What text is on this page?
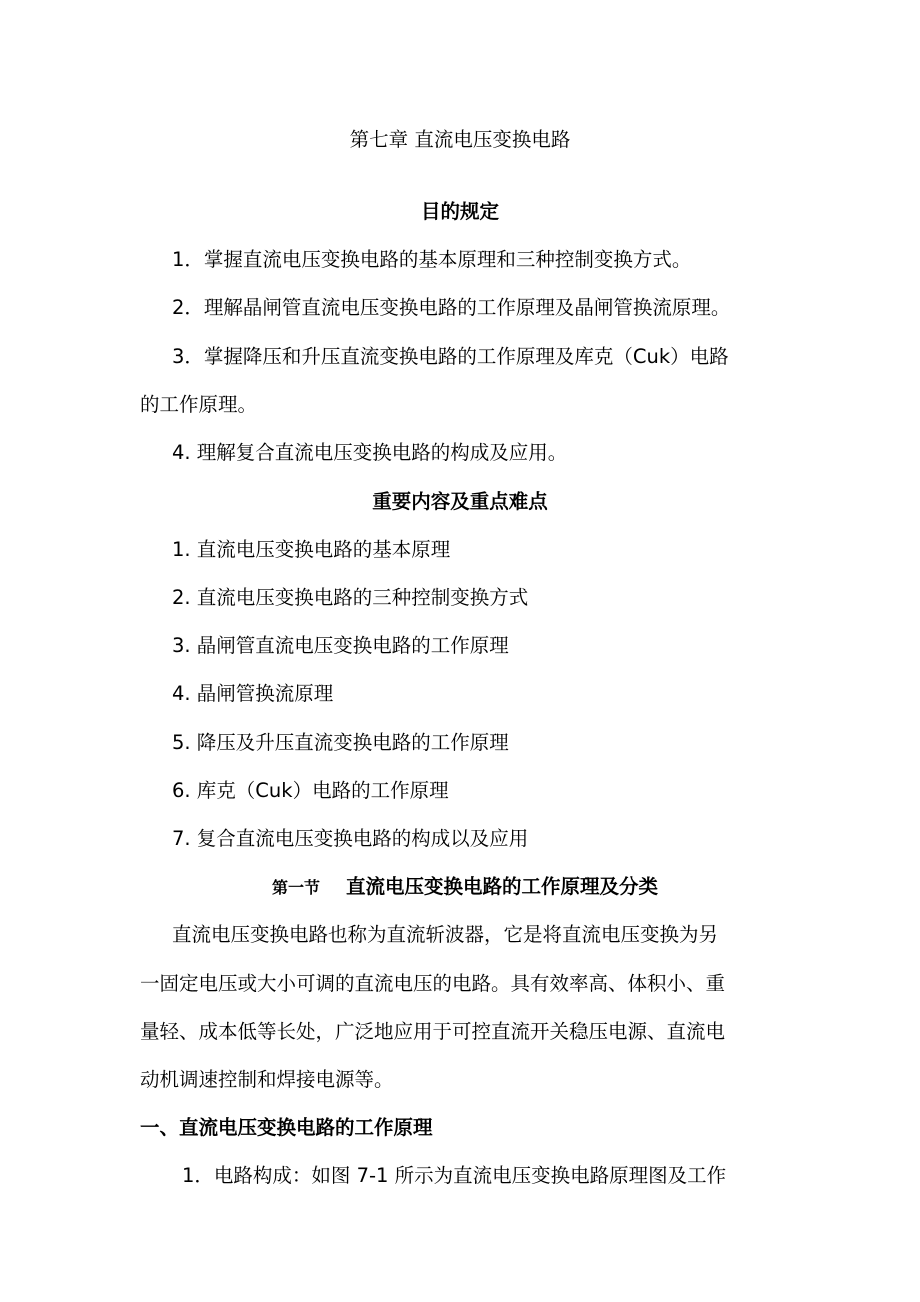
第七章 直流电压变换电路
目的规定
1．掌握直流电压变换电路的基本原理和三种控制变换方式。
2．理解晶闸管直流电压变换电路的工作原理及晶闸管换流原理。
3．掌握降压和升压直流变换电路的工作原理及库克（Cuk）电路
的工作原理。
4. 理解复合直流电压变换电路的构成及应用。
重要内容及重点难点
1. 直流电压变换电路的基本原理
2. 直流电压变换电路的三种控制变换方式
3. 晶闸管直流电压变换电路的工作原理
4. 晶闸管换流原理
5. 降压及升压直流变换电路的工作原理
6. 库克（Cuk）电路的工作原理
7. 复合直流电压变换电路的构成以及应用
第一节 直流电压变换电路的工作原理及分类
直流电压变换电路也称为直流斩波器，它是将直流电压变换为另
一固定电压或大小可调的直流电压的电路。具有效率高、体积小、重
量轻、成本低等长处，广泛地应用于可控直流开关稳压电源、直流电
动机调速控制和焊接电源等。
一、直流电压变换电路的工作原理
1．电路构成：如图 7-1 所示为直流电压变换电路原理图及工作
